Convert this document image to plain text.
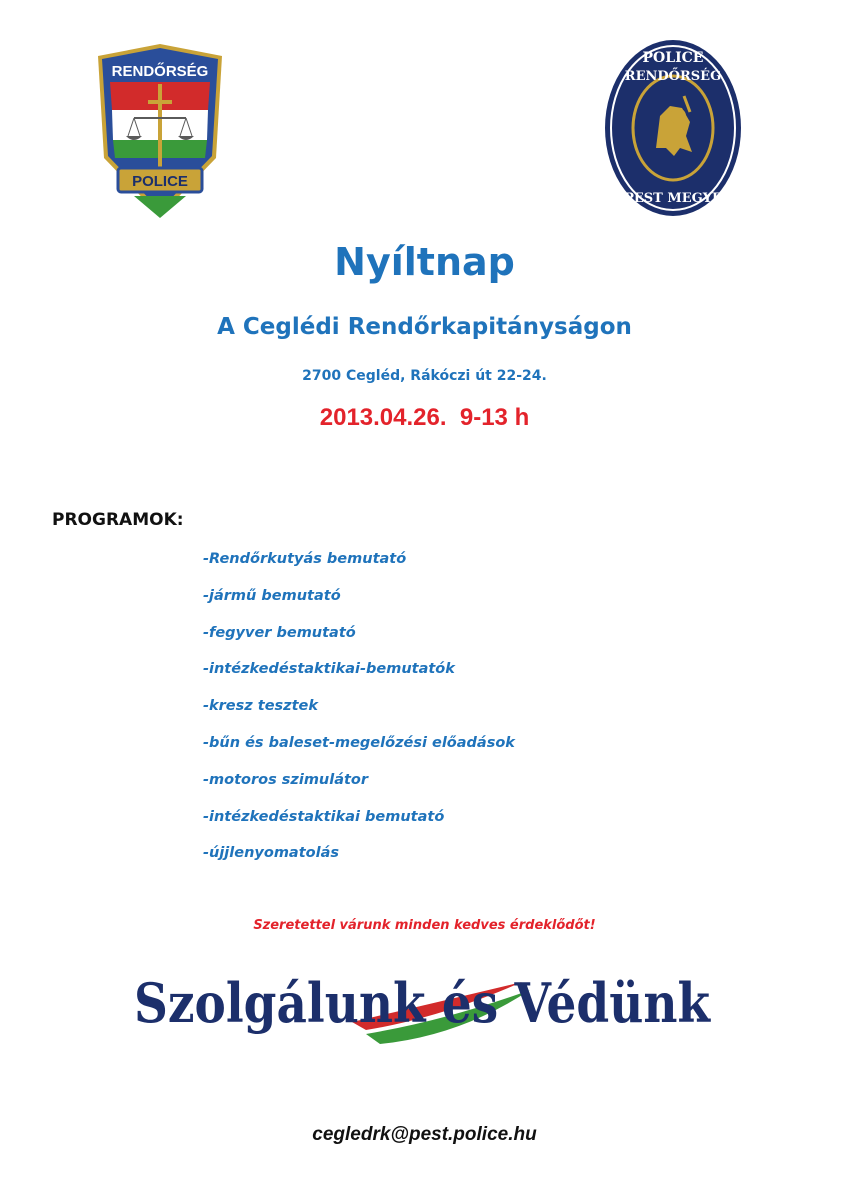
RENDŐRSÉG
POLICE
POLICE
RENDŐRSÉG
PEST MEGYE
Nyíltnap
A Ceglédi Rendőrkapitányságon
2700 Cegléd, Rákóczi út 22-24.
2013.04.26.  9-13 h
PROGRAMOK:
-Rendőrkutyás bemutató
-jármű bemutató
-fegyver bemutató
-intézkedéstaktikai-bemutatók
-kresz tesztek
-bűn és baleset-megelőzési előadások
-motoros szimulátor
-intézkedéstaktikai bemutató
-újjlenyomatolás
Szeretettel várunk minden kedves érdeklődőt!
Szolgálunk és Védünk
cegledrk@pest.police.hu
